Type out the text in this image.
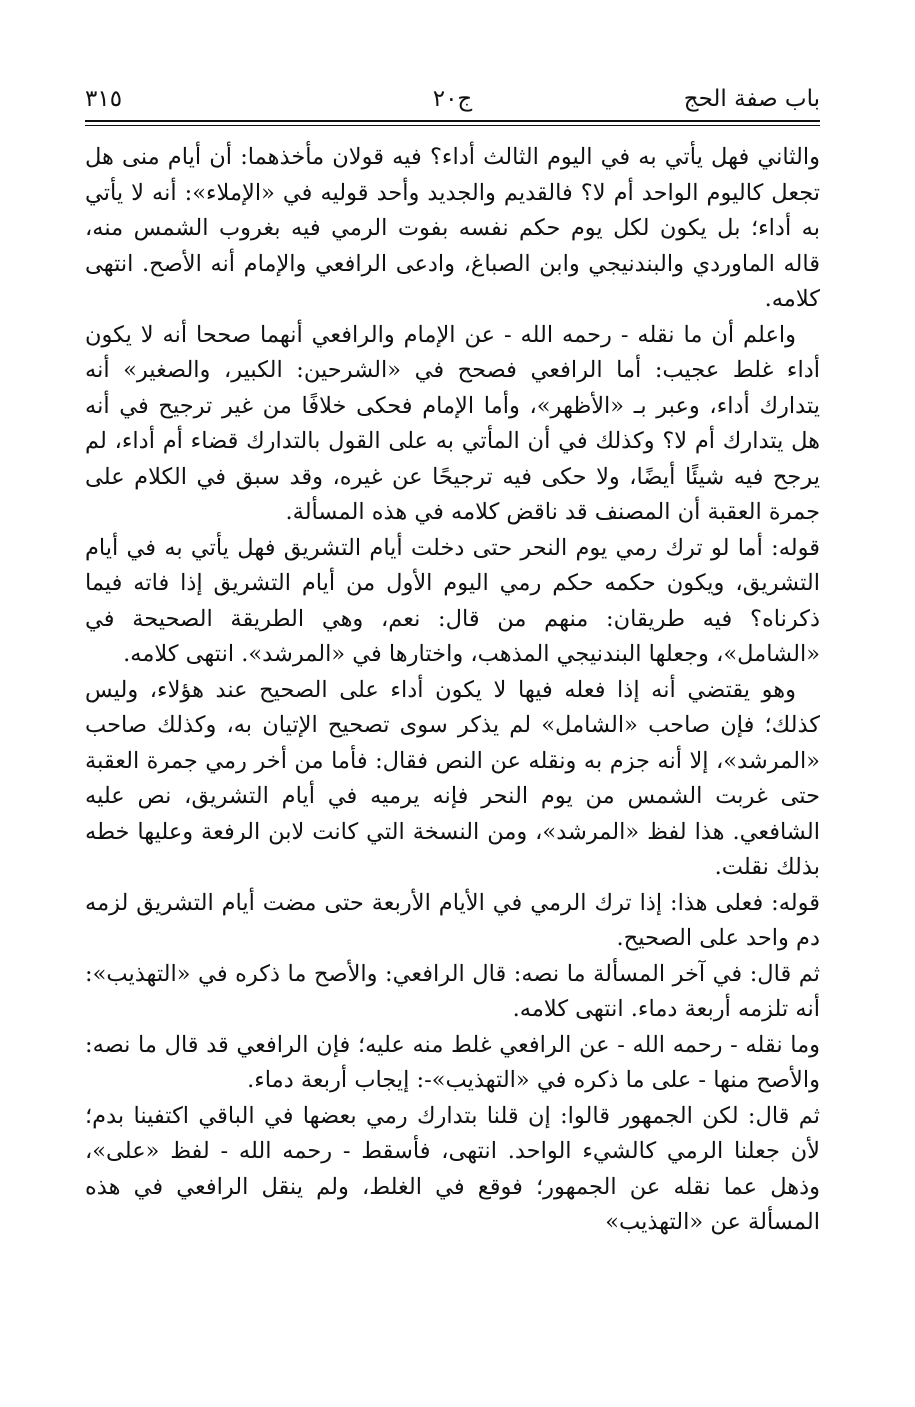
باب صفة الحج
ج٢٠
٣١٥

والثاني فهل يأتي به في اليوم الثالث أداء؟ فيه قولان مأخذهما: أن أيام منى هل تجعل كاليوم الواحد أم لا؟ فالقديم والجديد وأحد قوليه في «الإملاء»: أنه لا يأتي به أداء؛ بل يكون لكل يوم حكم نفسه بفوت الرمي فيه بغروب الشمس منه، قاله الماوردي والبندنيجي وابن الصباغ، وادعى الرافعي والإمام أنه الأصح. انتهى كلامه.

واعلم أن ما نقله - رحمه الله - عن الإمام والرافعي أنهما صححا أنه لا يكون أداء غلط عجيب: أما الرافعي فصحح في «الشرحين: الكبير، والصغير» أنه يتدارك أداء، وعبر بـ «الأظهر»، وأما الإمام فحكى خلافًا من غير ترجيح في أنه هل يتدارك أم لا؟ وكذلك في أن المأتي به على القول بالتدارك قضاء أم أداء، لم يرجح فيه شيئًا أيضًا، ولا حكى فيه ترجيحًا عن غيره، وقد سبق في الكلام على جمرة العقبة أن المصنف قد ناقض كلامه في هذه المسألة.

قوله: أما لو ترك رمي يوم النحر حتى دخلت أيام التشريق فهل يأتي به في أيام التشريق، ويكون حكمه حكم رمي اليوم الأول من أيام التشريق إذا فاته فيما ذكرناه؟ فيه طريقان: منهم من قال: نعم، وهي الطريقة الصحيحة في «الشامل»، وجعلها البندنيجي المذهب، واختارها في «المرشد». انتهى كلامه.

وهو يقتضي أنه إذا فعله فيها لا يكون أداء على الصحيح عند هؤلاء، وليس كذلك؛ فإن صاحب «الشامل» لم يذكر سوى تصحيح الإتيان به، وكذلك صاحب «المرشد»، إلا أنه جزم به ونقله عن النص فقال: فأما من أخر رمي جمرة العقبة حتى غربت الشمس من يوم النحر فإنه يرميه في أيام التشريق، نص عليه الشافعي. هذا لفظ «المرشد»، ومن النسخة التي كانت لابن الرفعة وعليها خطه بذلك نقلت.

قوله: فعلى هذا: إذا ترك الرمي في الأيام الأربعة حتى مضت أيام التشريق لزمه دم واحد على الصحيح.

ثم قال: في آخر المسألة ما نصه: قال الرافعي: والأصح ما ذكره في «التهذيب»: أنه تلزمه أربعة دماء. انتهى كلامه.

وما نقله - رحمه الله - عن الرافعي غلط منه عليه؛ فإن الرافعي قد قال ما نصه: والأصح منها - على ما ذكره في «التهذيب»-: إيجاب أربعة دماء.

ثم قال: لكن الجمهور قالوا: إن قلنا بتدارك رمي بعضها في الباقي اكتفينا بدم؛ لأن جعلنا الرمي كالشيء الواحد. انتهى، فأسقط - رحمه الله - لفظ «على»، وذهل عما نقله عن الجمهور؛ فوقع في الغلط، ولم ينقل الرافعي في هذه المسألة عن «التهذيب»
